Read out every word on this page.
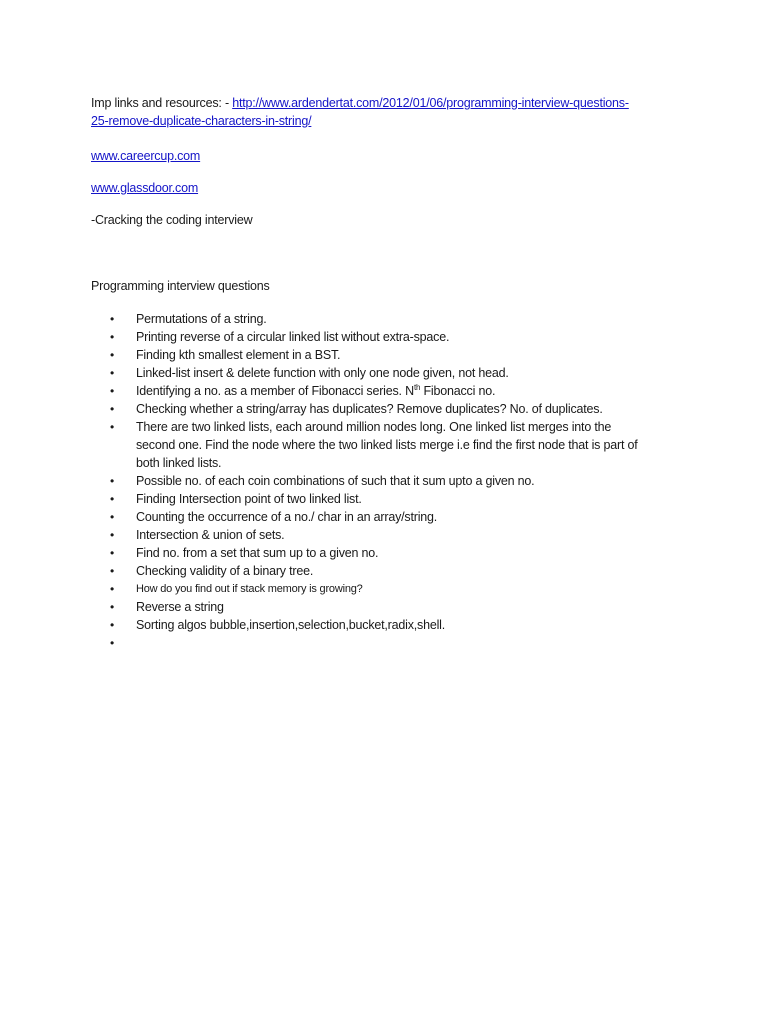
Imp links and resources: - http://www.ardendertat.com/2012/01/06/programming-interview-questions-
25-remove-duplicate-characters-in-string/
www.careercup.com
www.glassdoor.com
-Cracking the coding interview
Programming interview questions
• Permutations of a string.
• Printing reverse of a circular linked list without extra-space.
• Finding kth smallest element in a BST.
• Linked-list insert & delete function with only one node given, not head.
• Identifying a no. as a member of Fibonacci series. $N^{th}$ Fibonacci no.
• Checking whether a string/array has duplicates? Remove duplicates? No. of duplicates.
• There are two linked lists, each around million nodes long. One linked list merges into the
second one. Find the node where the two linked lists merge i.e find the first node that is part of
both linked lists.
• Possible no. of each coin combinations of such that it sum upto a given no.
• Finding Intersection point of two linked list.
• Counting the occurrence of a no./ char in an array/string.
• Intersection & union of sets.
• Find no. from a set that sum up to a given no.
• Checking validity of a binary tree.
• How do you find out if stack memory is growing?
• Reverse a string
• Sorting algos bubble,insertion,selection,bucket,radix,shell.
•
